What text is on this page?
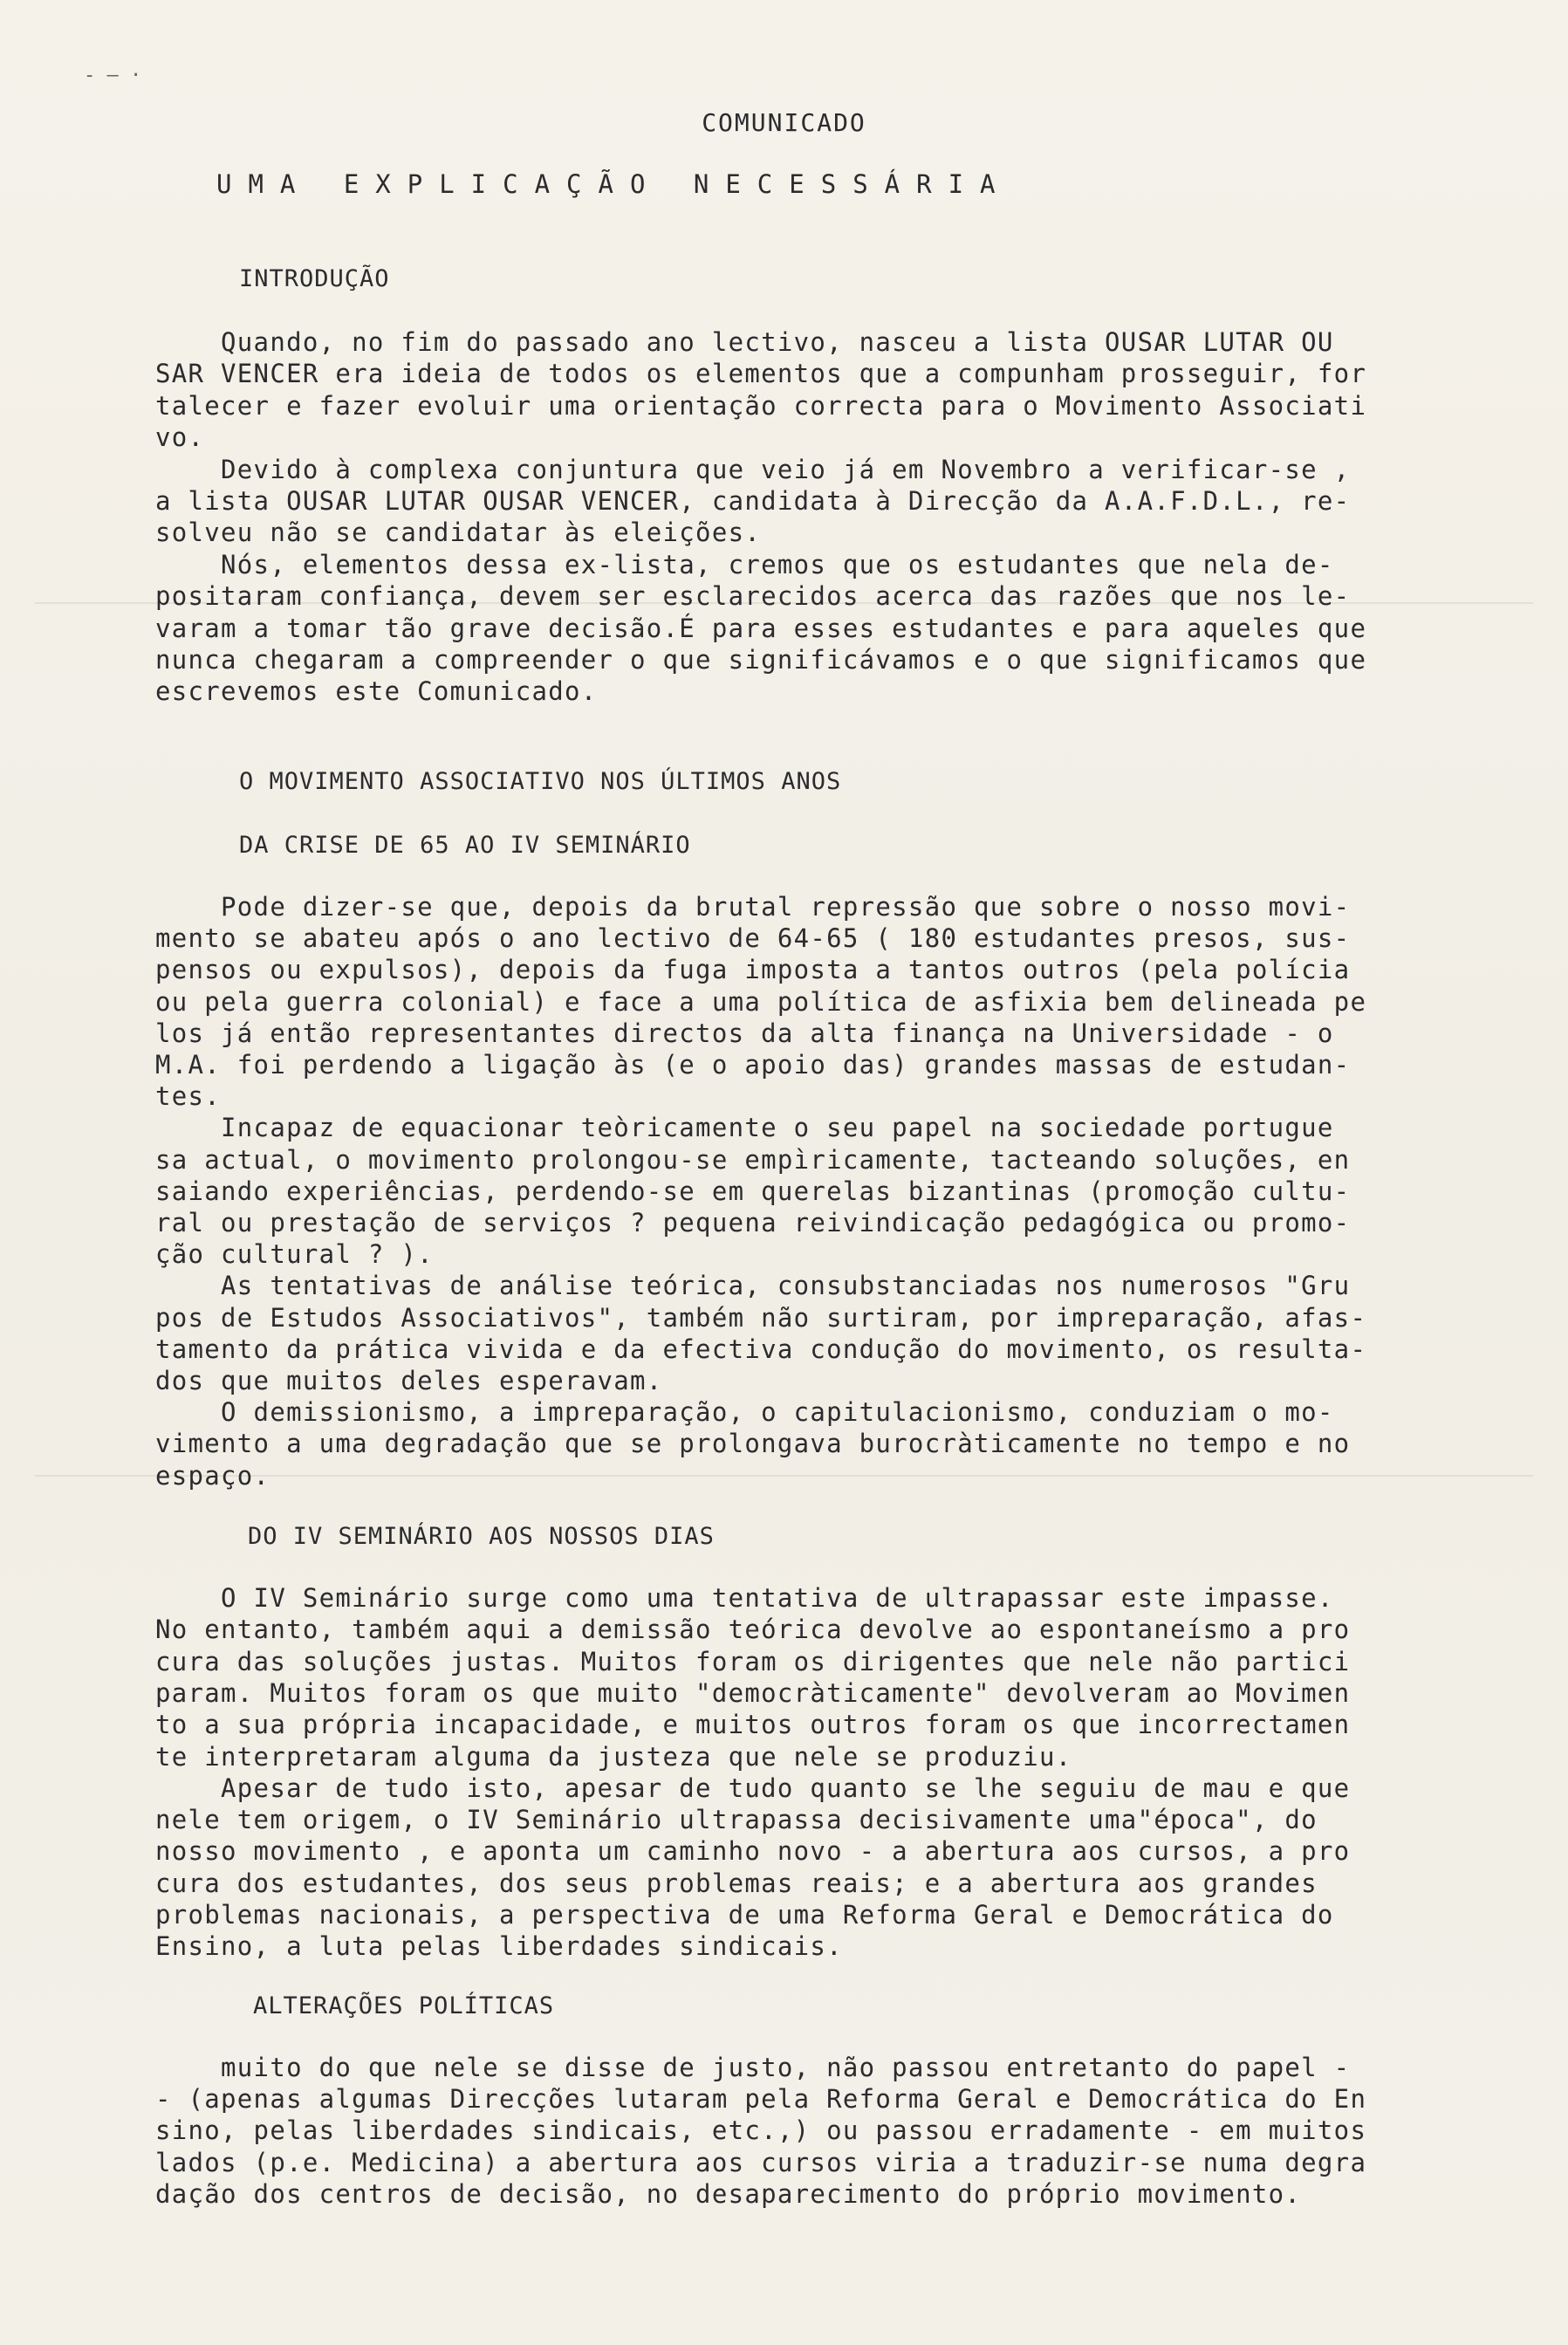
- — ·
COMUNICADO
UMA EXPLICAÇÃO NECESSÁRIA
INTRODUÇÃO
Quando, no fim do passado ano lectivo, nasceu a lista OUSAR LUTAR OU
SAR VENCER era ideia de todos os elementos que a compunham prosseguir, for
talecer e fazer evoluir uma orientação correcta para o Movimento Associati
vo.
Devido à complexa conjuntura que veio já em Novembro a verificar-se ,
a lista OUSAR LUTAR OUSAR VENCER, candidata à Direcção da A.A.F.D.L., re-
solveu não se candidatar às eleições.
Nós, elementos dessa ex-lista, cremos que os estudantes que nela de-
positaram confiança, devem ser esclarecidos acerca das razões que nos le-
varam a tomar tão grave decisão.É para esses estudantes e para aqueles que
nunca chegaram a compreender o que significávamos e o que significamos que
escrevemos este Comunicado.
O MOVIMENTO ASSOCIATIVO NOS ÚLTIMOS ANOS
DA CRISE DE 65 AO IV SEMINÁRIO
Pode dizer-se que, depois da brutal repressão que sobre o nosso movi-
mento se abateu após o ano lectivo de 64-65 ( 180 estudantes presos, sus-
pensos ou expulsos), depois da fuga imposta a tantos outros (pela polícia
ou pela guerra colonial) e face a uma política de asfixia bem delineada pe
los já então representantes directos da alta finança na Universidade - o
M.A. foi perdendo a ligação às (e o apoio das) grandes massas de estudan-
tes.
Incapaz de equacionar teòricamente o seu papel na sociedade portugue
sa actual, o movimento prolongou-se empìricamente, tacteando soluções, en
saiando experiências, perdendo-se em querelas bizantinas (promoção cultu-
ral ou prestação de serviços ? pequena reivindicação pedagógica ou promo-
ção cultural ? ).
As tentativas de análise teórica, consubstanciadas nos numerosos "Gru
pos de Estudos Associativos", também não surtiram, por impreparação, afas-
tamento da prática vivida e da efectiva condução do movimento, os resulta-
dos que muitos deles esperavam.
O demissionismo, a impreparação, o capitulacionismo, conduziam o mo-
vimento a uma degradação que se prolongava burocràticamente no tempo e no
espaço.
DO IV SEMINÁRIO AOS NOSSOS DIAS
O IV Seminário surge como uma tentativa de ultrapassar este impasse.
No entanto, também aqui a demissão teórica devolve ao espontaneísmo a pro
cura das soluções justas. Muitos foram os dirigentes que nele não partici
param. Muitos foram os que muito "democràticamente" devolveram ao Movimen
to a sua própria incapacidade, e muitos outros foram os que incorrectamen
te interpretaram alguma da justeza que nele se produziu.
Apesar de tudo isto, apesar de tudo quanto se lhe seguiu de mau e que
nele tem origem, o IV Seminário ultrapassa decisivamente uma"época", do
nosso movimento , e aponta um caminho novo - a abertura aos cursos, a pro
cura dos estudantes, dos seus problemas reais; e a abertura aos grandes
problemas nacionais, a perspectiva de uma Reforma Geral e Democrática do
Ensino, a luta pelas liberdades sindicais.
ALTERAÇÕES POLÍTICAS
muito do que nele se disse de justo, não passou entretanto do papel -
- (apenas algumas Direcções lutaram pela Reforma Geral e Democrática do En
sino, pelas liberdades sindicais, etc.,) ou passou erradamente - em muitos
lados (p.e. Medicina) a abertura aos cursos viria a traduzir-se numa degra
dação dos centros de decisão, no desaparecimento do próprio movimento.
